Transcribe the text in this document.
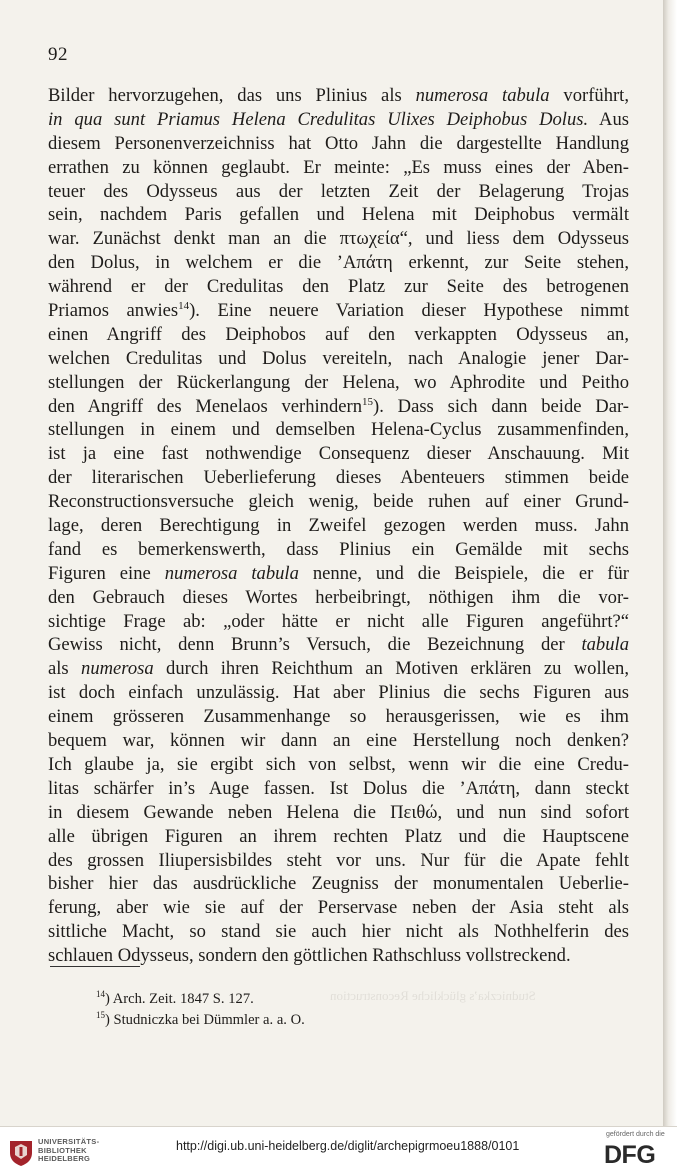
92
Bilder hervorzugehen, das uns Plinius als numerosa tabula vorführt,
in qua sunt Priamus Helena Credulitas Ulixes Deiphobus Dolus. Aus
diesem Personenverzeichniss hat Otto Jahn die dargestellte Handlung
errathen zu können geglaubt. Er meinte: „Es muss eines der Aben-
teuer des Odysseus aus der letzten Zeit der Belagerung Trojas
sein, nachdem Paris gefallen und Helena mit Deiphobus vermält
war. Zunächst denkt man an die πτωχεία“, und liess dem Odysseus
den Dolus, in welchem er die ’Απάτη erkennt, zur Seite stehen,
während er der Credulitas den Platz zur Seite des betrogenen
Priamos anwies$^{14}$). Eine neuere Variation dieser Hypothese nimmt
einen Angriff des Deiphobos auf den verkappten Odysseus an,
welchen Credulitas und Dolus vereiteln, nach Analogie jener Dar-
stellungen der Rückerlangung der Helena, wo Aphrodite und Peitho
den Angriff des Menelaos verhindern$^{15}$). Dass sich dann beide Dar-
stellungen in einem und demselben Helena-Cyclus zusammenfinden,
ist ja eine fast nothwendige Consequenz dieser Anschauung. Mit
der literarischen Ueberlieferung dieses Abenteuers stimmen beide
Reconstructionsversuche gleich wenig, beide ruhen auf einer Grund-
lage, deren Berechtigung in Zweifel gezogen werden muss. Jahn
fand es bemerkenswerth, dass Plinius ein Gemälde mit sechs
Figuren eine numerosa tabula nenne, und die Beispiele, die er für
den Gebrauch dieses Wortes herbeibringt, nöthigen ihm die vor-
sichtige Frage ab: „oder hätte er nicht alle Figuren angeführt?“
Gewiss nicht, denn Brunn’s Versuch, die Bezeichnung der tabula
als numerosa durch ihren Reichthum an Motiven erklären zu wollen,
ist doch einfach unzulässig. Hat aber Plinius die sechs Figuren aus
einem grösseren Zusammenhange so herausgerissen, wie es ihm
bequem war, können wir dann an eine Herstellung noch denken?
Ich glaube ja, sie ergibt sich von selbst, wenn wir die eine Credu-
litas schärfer in’s Auge fassen. Ist Dolus die ’Απάτη, dann steckt
in diesem Gewande neben Helena die Πειθώ, und nun sind sofort
alle übrigen Figuren an ihrem rechten Platz und die Hauptscene
des grossen Iliupersisbildes steht vor uns. Nur für die Apate fehlt
bisher hier das ausdrückliche Zeugniss der monumentalen Ueberlie-
ferung, aber wie sie auf der Perservase neben der Asia steht als
sittliche Macht, so stand sie auch hier nicht als Nothhelferin des
schlauen Odysseus, sondern den göttlichen Rathschluss vollstreckend.
Studniczka’s glückliche Reconstruction
$^{14}$) Arch. Zeit. 1847 S. 127.
$^{15}$) Studniczka bei Dümmler a. a. O.
UNIVERSITÄTS-
BIBLIOTHEK
HEIDELBERG
http://digi.ub.uni-heidelberg.de/diglit/archepigrmoeu1888/0101
gefördert durch die
DFG
